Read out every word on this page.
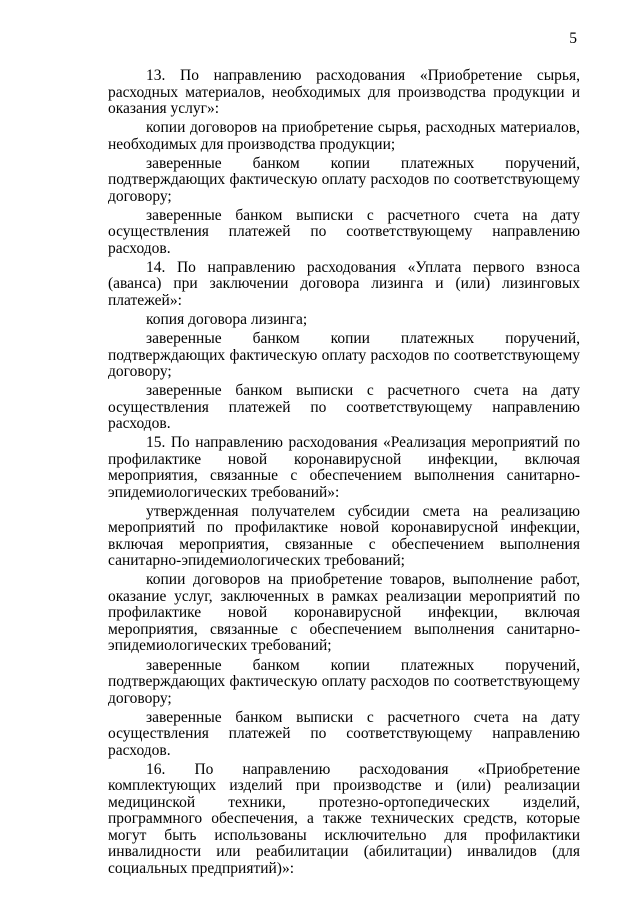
5

13. По направлению расходования «Приобретение сырья, расходных материалов, необходимых для производства продукции и оказания услуг»:

копии договоров на приобретение сырья, расходных материалов, необходимых для производства продукции;

заверенные банком копии платежных поручений, подтверждающих фактическую оплату расходов по соответствующему договору;

заверенные банком выписки с расчетного счета на дату осуществления платежей по соответствующему направлению расходов.

14. По направлению расходования «Уплата первого взноса (аванса) при заключении договора лизинга и (или) лизинговых платежей»:

копия договора лизинга;

заверенные банком копии платежных поручений, подтверждающих фактическую оплату расходов по соответствующему договору;

заверенные банком выписки с расчетного счета на дату осуществления платежей по соответствующему направлению расходов.

15. По направлению расходования «Реализация мероприятий по профилактике новой коронавирусной инфекции, включая мероприятия, связанные с обеспечением выполнения санитарно-эпидемиологических требований»:

утвержденная получателем субсидии смета на реализацию мероприятий по профилактике новой коронавирусной инфекции, включая мероприятия, связанные с обеспечением выполнения санитарно-эпидемиологических требований;

копии договоров на приобретение товаров, выполнение работ, оказание услуг, заключенных в рамках реализации мероприятий по профилактике новой коронавирусной инфекции, включая мероприятия, связанные с обеспечением выполнения санитарно-эпидемиологических требований;

заверенные банком копии платежных поручений, подтверждающих фактическую оплату расходов по соответствующему договору;

заверенные банком выписки с расчетного счета на дату осуществления платежей по соответствующему направлению расходов.

16. По направлению расходования «Приобретение комплектующих изделий при производстве и (или) реализации медицинской техники, протезно-ортопедических изделий, программного обеспечения, а также технических средств, которые могут быть использованы исключительно для профилактики инвалидности или реабилитации (абилитации) инвалидов (для социальных предприятий)»:
